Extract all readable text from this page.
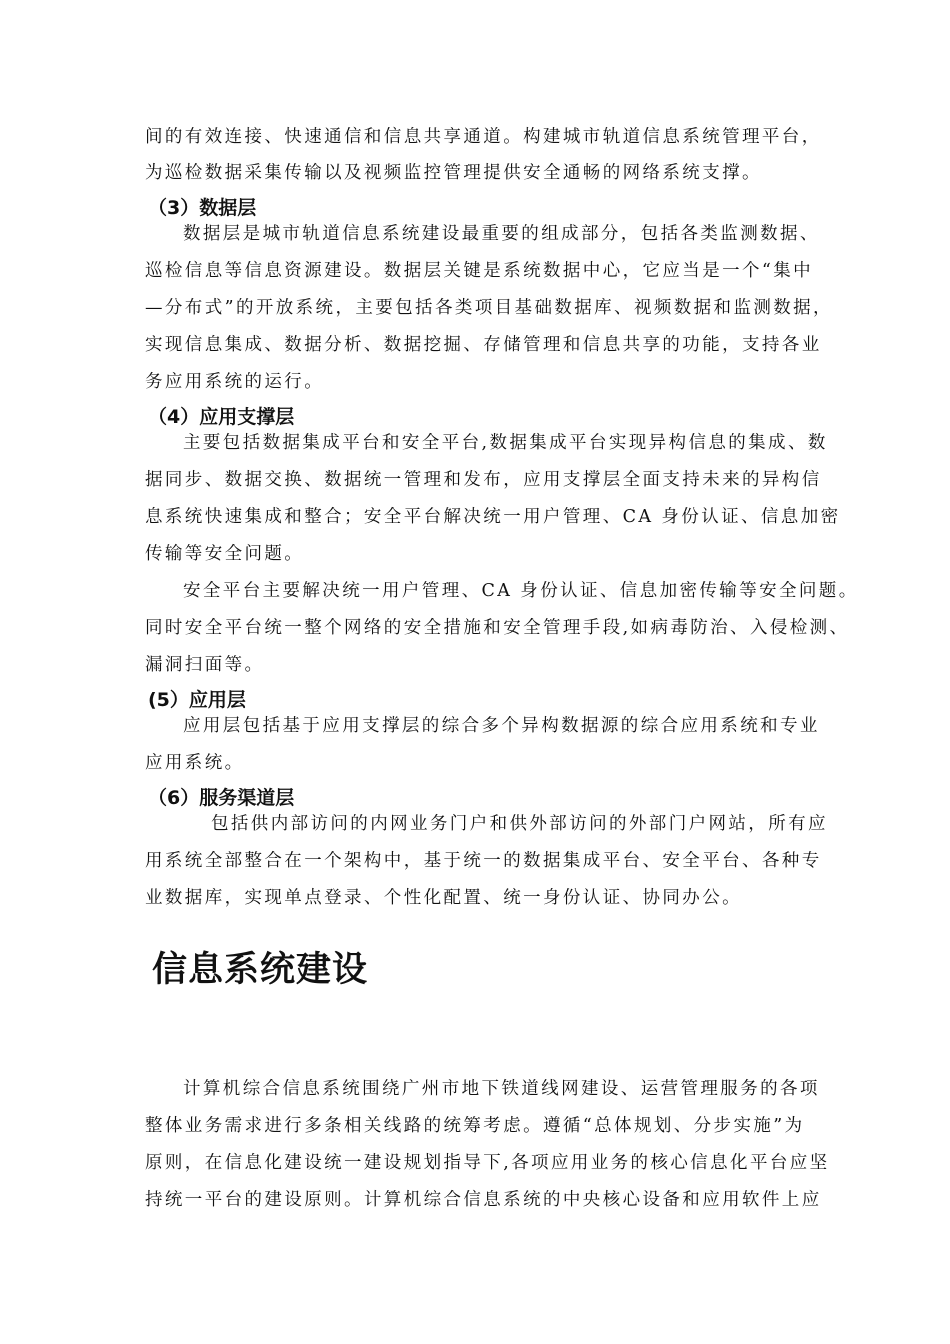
间的有效连接、快速通信和信息共享通道。构建城市轨道信息系统管理平台，
为巡检数据采集传输以及视频监控管理提供安全通畅的网络系统支撑。
（3）数据层
数据层是城市轨道信息系统建设最重要的组成部分，包括各类监测数据、
巡检信息等信息资源建设。数据层关键是系统数据中心，它应当是一个“集中
—分布式”的开放系统，主要包括各类项目基础数据库、视频数据和监测数据，
实现信息集成、数据分析、数据挖掘、存储管理和信息共享的功能，支持各业
务应用系统的运行。
（4）应用支撑层
主要包括数据集成平台和安全平台,数据集成平台实现异构信息的集成、数
据同步、数据交换、数据统一管理和发布，应用支撑层全面支持未来的异构信
息系统快速集成和整合；安全平台解决统一用户管理、CA 身份认证、信息加密
传输等安全问题。
安全平台主要解决统一用户管理、CA 身份认证、信息加密传输等安全问题。
同时安全平台统一整个网络的安全措施和安全管理手段,如病毒防治、入侵检测、
漏洞扫面等。
(5）应用层
应用层包括基于应用支撑层的综合多个异构数据源的综合应用系统和专业
应用系统。
（6）服务渠道层
包括供内部访问的内网业务门户和供外部访问的外部门户网站，所有应
用系统全部整合在一个架构中，基于统一的数据集成平台、安全平台、各种专
业数据库，实现单点登录、个性化配置、统一身份认证、协同办公。
信息系统建设
计算机综合信息系统围绕广州市地下铁道线网建设、运营管理服务的各项
整体业务需求进行多条相关线路的统筹考虑。遵循“总体规划、分步实施”为
原则，在信息化建设统一建设规划指导下,各项应用业务的核心信息化平台应坚
持统一平台的建设原则。计算机综合信息系统的中央核心设备和应用软件上应
